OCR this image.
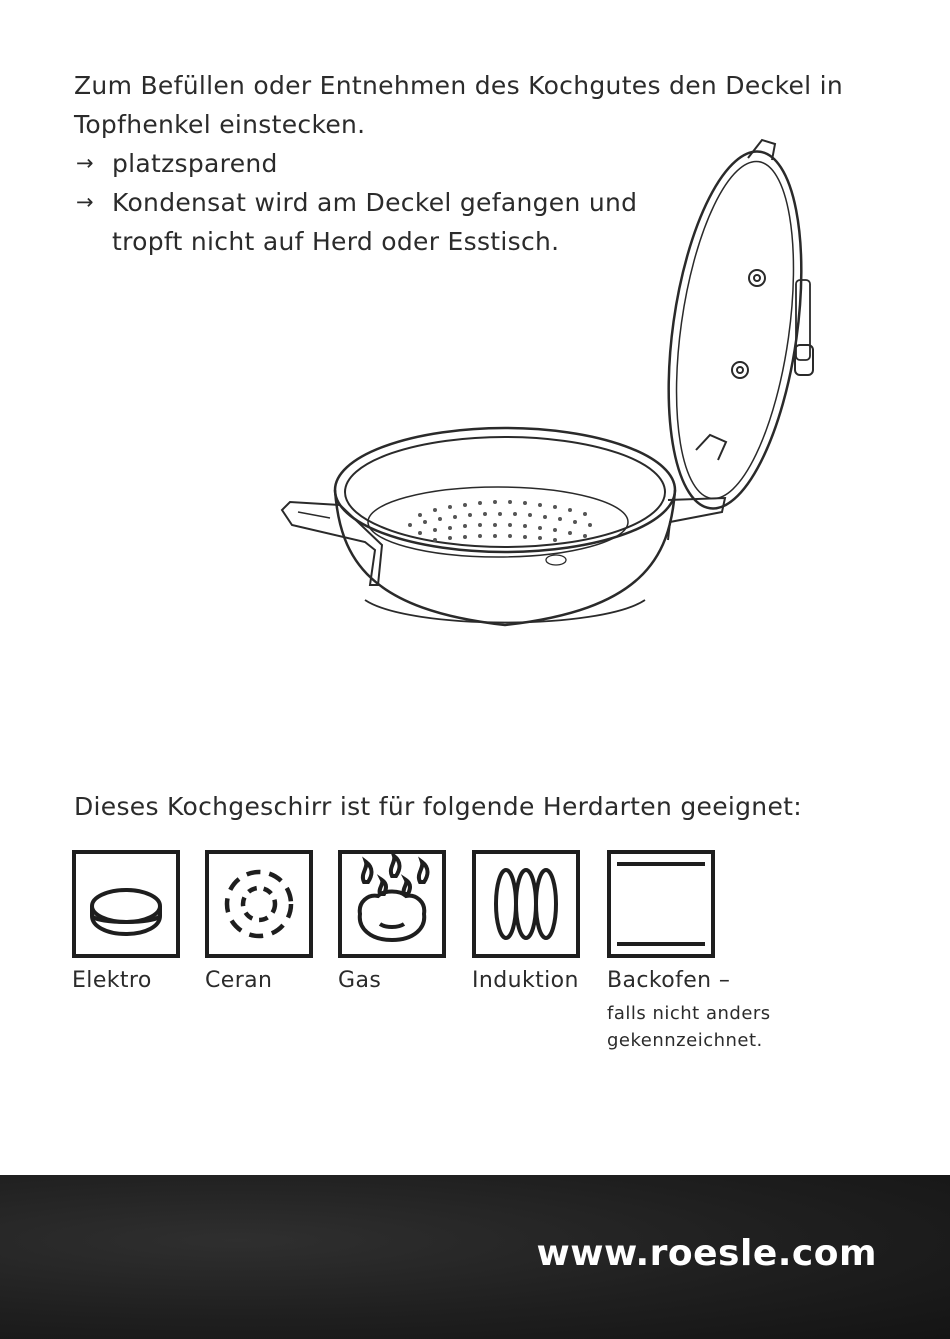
Zum Befüllen oder Entnehmen des Kochgutes den Deckel in Topfhenkel einstecken.

→ platzsparend
→ Kondensat wird am Deckel gefangen und tropft nicht auf Herd oder Esstisch.
Dieses Kochgeschirr ist für folgende Herdarten geeignet:
Elektro Ceran	Gas	Induktion Backofen –
falls nicht anders
gekennzeichnet.
www.roesle.com
